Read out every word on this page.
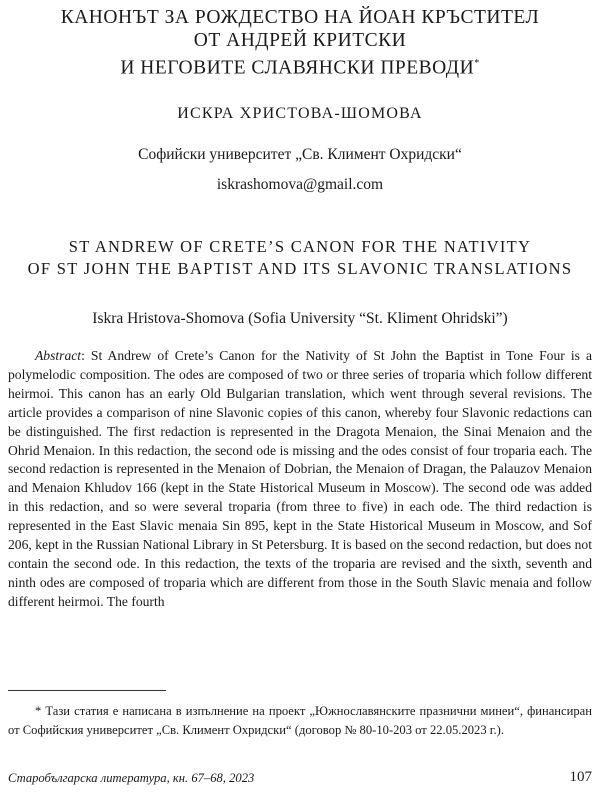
КАНОНЪТ ЗА РОЖДЕСТВО НА ЙОАН КРЪСТИТЕЛ
ОТ АНДРЕЙ КРИТСКИ
И НЕГОВИТЕ СЛАВЯНСКИ ПРЕВОДИ*
ИСКРА ХРИСТОВА-ШОМОВА
Софийски университет „Св. Климент Охридски“
iskrashomova@gmail.com
ST ANDREW OF CRETE’S CANON FOR THE NATIVITY
OF ST JOHN THE BAPTIST AND ITS SLAVONIC TRANSLATIONS
Iskra Hristova-Shomova (Sofia University “St. Kliment Ohridski”)

Abstract: St Andrew of Crete’s Canon for the Nativity of St John the Baptist in Tone Four is a polymelodic composition. The odes are composed of two or three series of troparia which follow different heirmoi. This canon has an early Old Bulgarian translation, which went through several revisions. The article provides a comparison of nine Slavonic copies of this canon, whereby four Slavonic redactions can be distinguished. The first redaction is represented in the Dragota Menaion, the Sinai Menaion and the Ohrid Menaion. In this redaction, the second ode is missing and the odes consist of four troparia each. The second redaction is represented in the Menaion of Dobrian, the Menaion of Dragan, the Palauzov Menaion and Menaion Khludov 166 (kept in the State Historical Museum in Moscow). The second ode was added in this redaction, and so were several troparia (from three to five) in each ode. The third redaction is represented in the East Slavic menaia Sin 895, kept in the State Historical Museum in Moscow, and Sof 206, kept in the Russian National Library in St Petersburg. It is based on the second redaction, but does not contain the second ode. In this redaction, the texts of the troparia are revised and the sixth, seventh and ninth odes are composed of troparia which are different from those in the South Slavic menaia and follow different heirmoi. The fourth

* Тази статия е написана в изпълнение на проект „Южнославянските празнични минеи“, финансиран от Софийския университет „Св. Климент Охридски“ (договор № 80-10-203 от 22.05.2023 г.).

Старобългарска литература, кн. 67–68, 2023	107
